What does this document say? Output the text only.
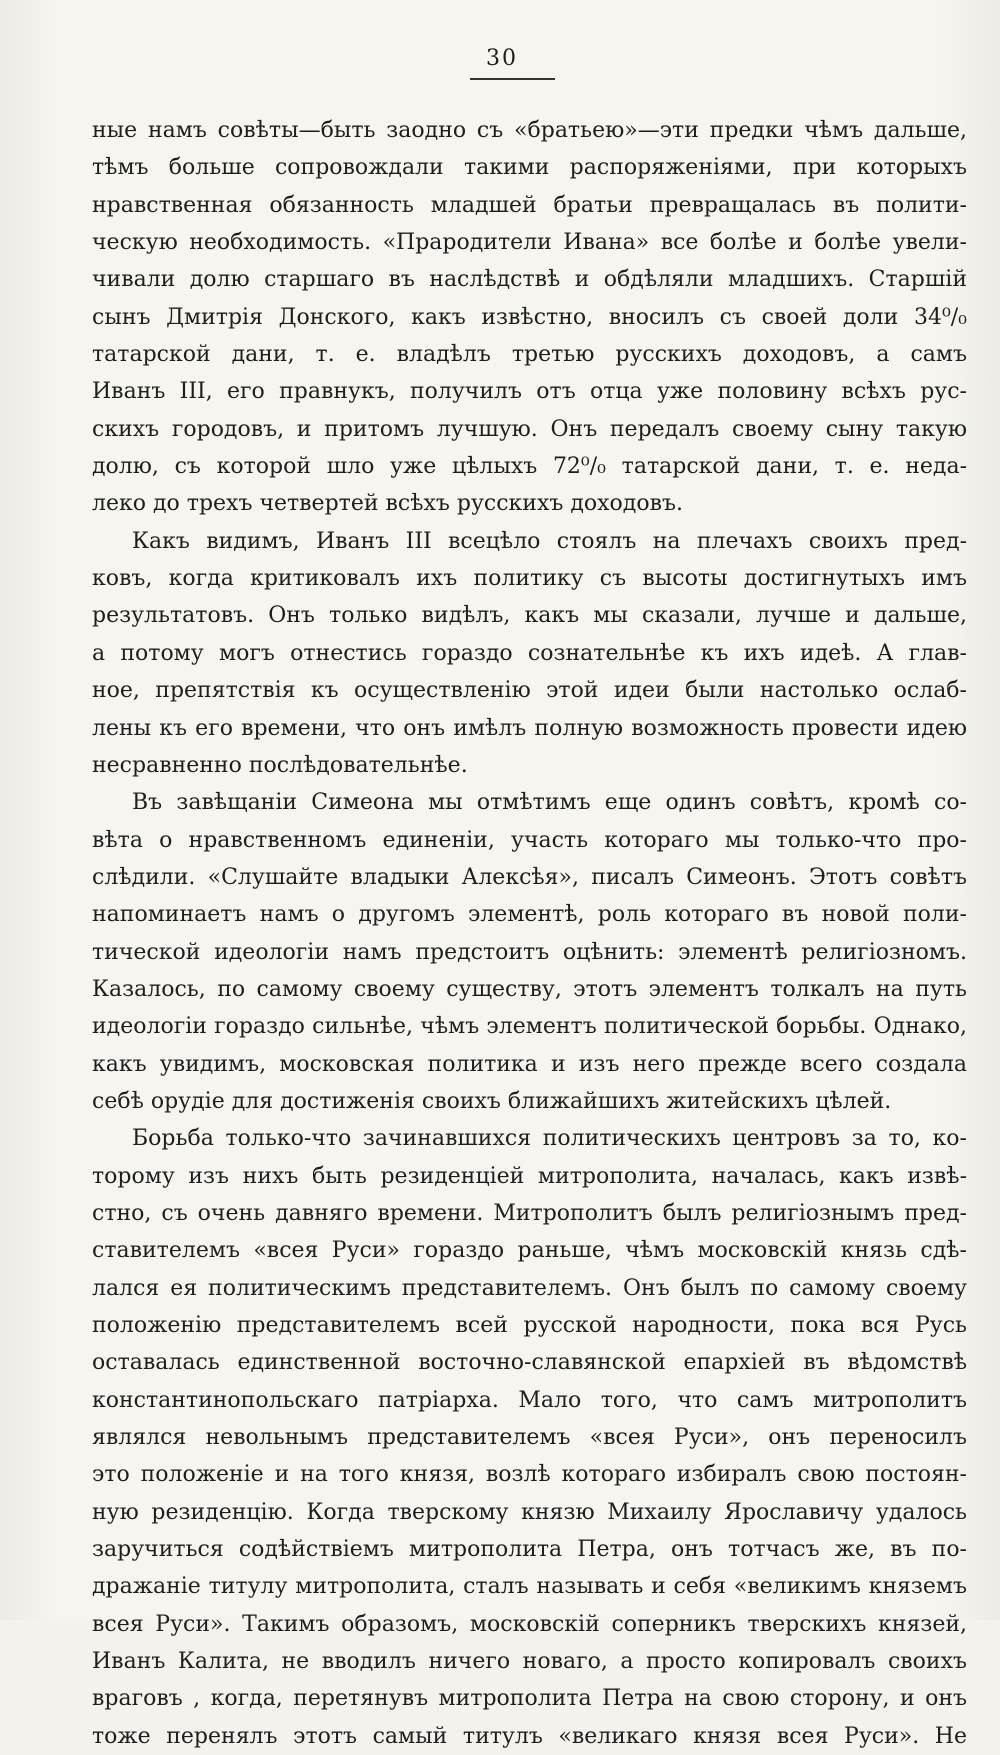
30
ные намъ совѣты—быть заодно съ «братьею»—эти предки чѣмъ дальше,
тѣмъ больше сопровождали такими распоряженiями, при которыхъ
нравственная обязанность младшей братьи превращалась въ полити-
ческую необходимость. «Прародители Ивана» все болѣе и болѣе увели-
чивали долю старшаго въ наслѣдствѣ и обдѣляли младшихъ. Старшiй
сынъ Дмитрiя Донского, какъ извѣстно, вносилъ съ своей доли 34⁰/₀
татарской дани, т. е. владѣлъ третью русскихъ доходовъ, а самъ
Иванъ III, его правнукъ, получилъ отъ отца уже половину всѣхъ рус-
скихъ городовъ, и притомъ лучшую. Онъ передалъ своему сыну такую
долю, съ которой шло уже цѣлыхъ 72⁰/₀ татарской дани, т. е. неда-
леко до трехъ четвертей всѣхъ русскихъ доходовъ.
Какъ видимъ, Иванъ III всецѣло стоялъ на плечахъ своихъ пред-
ковъ, когда критиковалъ ихъ политику съ высоты достигнутыхъ имъ
результатовъ. Онъ только видѣлъ, какъ мы сказали, лучше и дальше,
а потому могъ отнестись гораздо сознательнѣе къ ихъ идеѣ. А глав-
ное, препятствiя къ осуществленiю этой идеи были настолько ослаб-
лены къ его времени, что онъ имѣлъ полную возможность провести идею
несравненно послѣдовательнѣе.
Въ завѣщанiи Симеона мы отмѣтимъ еще одинъ совѣтъ, кромѣ со-
вѣта о нравственномъ единенiи, участь котораго мы только-что про-
слѣдили. «Слушайте владыки Алексѣя», писалъ Симеонъ. Этотъ совѣтъ
напоминаетъ намъ о другомъ элементѣ, роль котораго въ новой поли-
тической идеологiи намъ предстоитъ оцѣнить: элементѣ религiозномъ.
Казалось, по самому своему существу, этотъ элементъ толкалъ на путь
идеологiи гораздо сильнѣе, чѣмъ элементъ политической борьбы. Однако,
какъ увидимъ, московская политика и изъ него прежде всего создала
себѣ орудiе для достиженiя своихъ ближайшихъ житейскихъ цѣлей.
Борьба только-что зачинавшихся политическихъ центровъ за то, ко-
торому изъ нихъ быть резиденцiей митрополита, началась, какъ извѣ-
стно, съ очень давняго времени. Митрополитъ былъ религiознымъ пред-
ставителемъ «всея Руси» гораздо раньше, чѣмъ московскiй князь сдѣ-
лался ея политическимъ представителемъ. Онъ былъ по самому своему
положенiю представителемъ всей русской народности, пока вся Русь
оставалась единственной восточно-славянской епархiей въ вѣдомствѣ
константинопольскаго патрiарха. Мало того, что самъ митрополитъ
являлся невольнымъ представителемъ «всея Руси», онъ переносилъ
это положенiе и на того князя, возлѣ котораго избиралъ свою постоян-
ную резиденцiю. Когда тверскому князю Михаилу Ярославичу удалось
заручиться содѣйствiемъ митрополита Петра, онъ тотчасъ же, въ по-
дражанiе титулу митрополита, сталъ называть и себя «великимъ княземъ
всея Руси». Такимъ образомъ, московскiй соперникъ тверскихъ князей,
Иванъ Калита, не вводилъ ничего новаго, а просто копировалъ своихъ
враговъ , когда, перетянувъ митрополита Петра на свою сторону, и онъ
тоже перенялъ этотъ самый титулъ «великаго князя всея Руси». Не
